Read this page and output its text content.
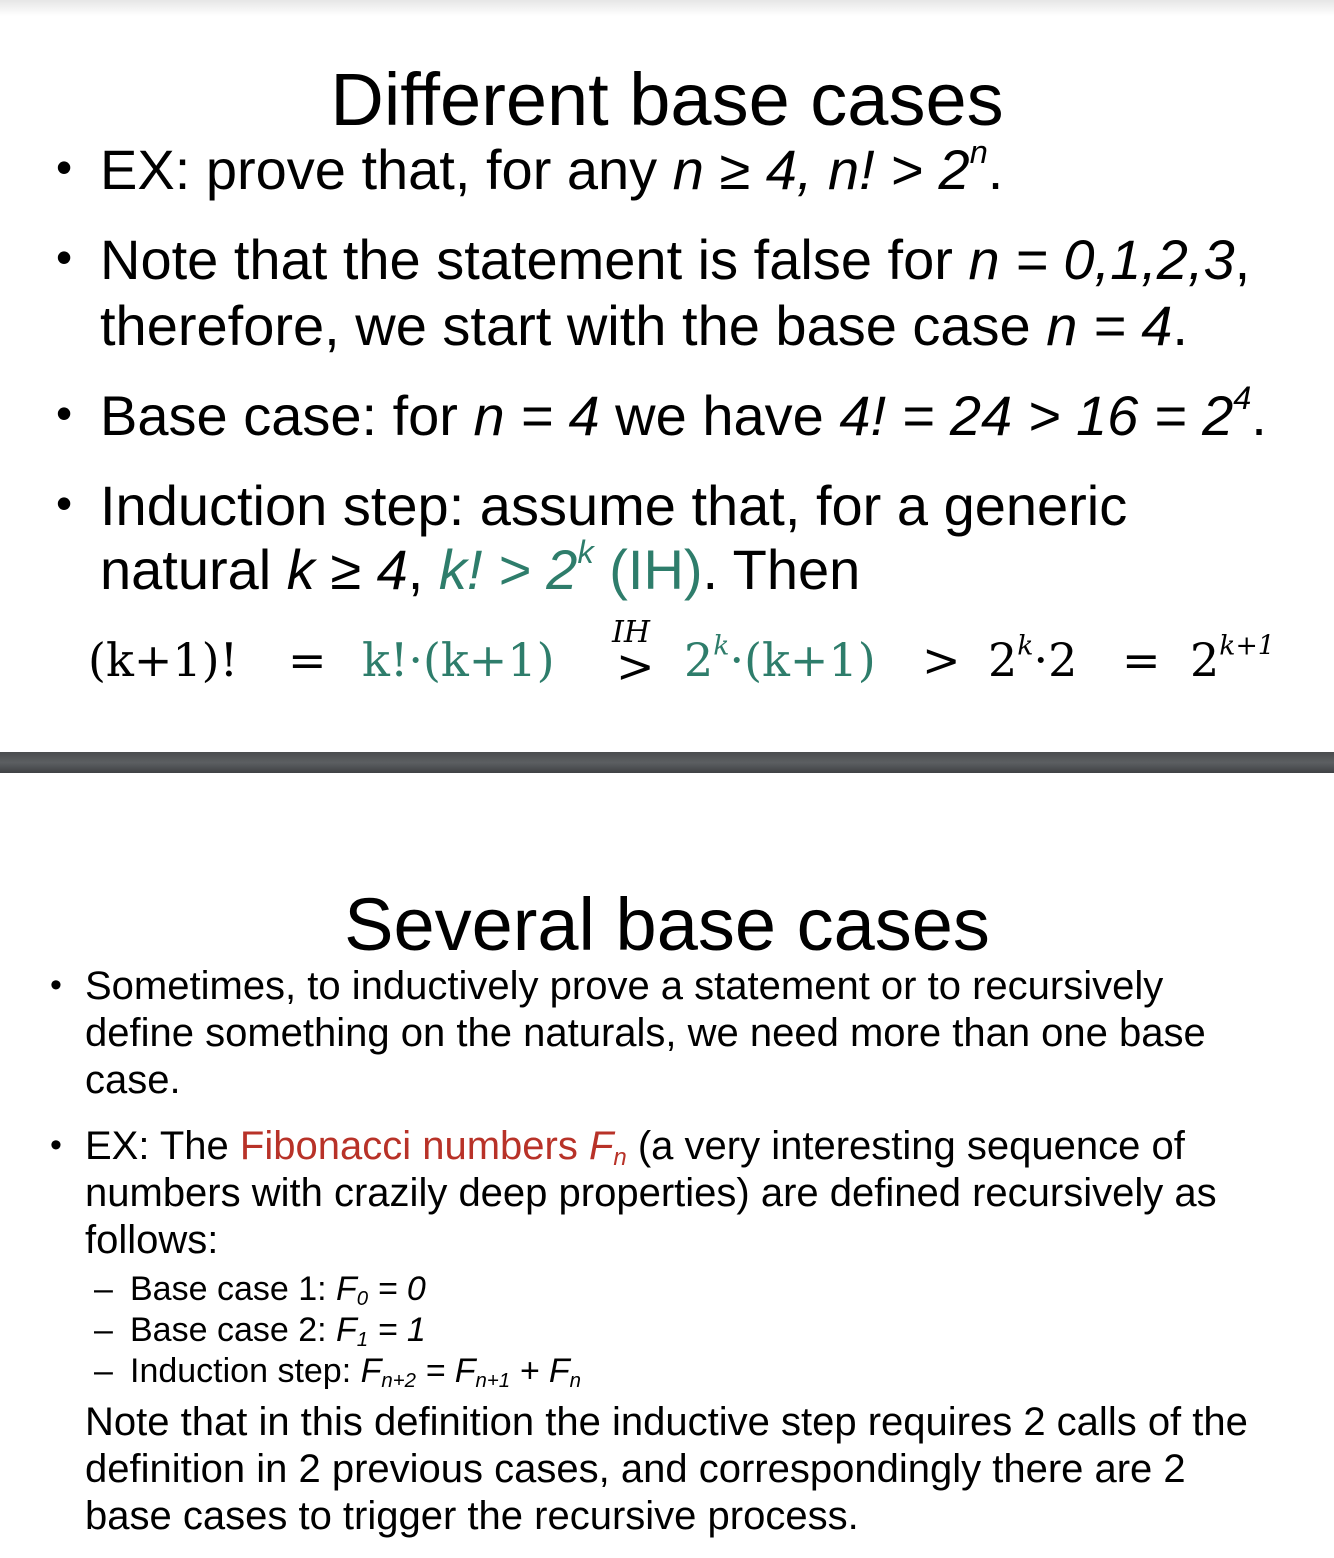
Different base cases
• EX: prove that, for any n ≥ 4, n! > $2^n$.
• Note that the statement is false for n = 0,1,2,3,
therefore, we start with the base case n = 4.
• Base case: for n = 4 we have 4! = $24 > 16 = 2^4$.
• Induction step: assume that, for a generic
natural k ≥ 4, k! > $2^k$ (IH). Then
(k+1)! = k!·(k+1)
IH
> $2^k\cdot(k+1) > 2^k\cdot 2 = 2^{k+1}$
Several base cases
• Sometimes, to inductively prove a statement or to recursively
define something on the naturals, we need more than one base
case.
• EX: The Fibonacci numbers $F_n$ (a very interesting sequence of
numbers with crazily deep properties) are defined recursively as
follows:
– Base case 1: $F_0 = 0$
– Base case 2: $F_1 = 1$
– Induction step: $F_{n+2} = F_{n+1} + F_n$
Note that in this definition the inductive step requires 2 calls of the
definition in 2 previous cases, and correspondingly there are 2
base cases to trigger the recursive process.
